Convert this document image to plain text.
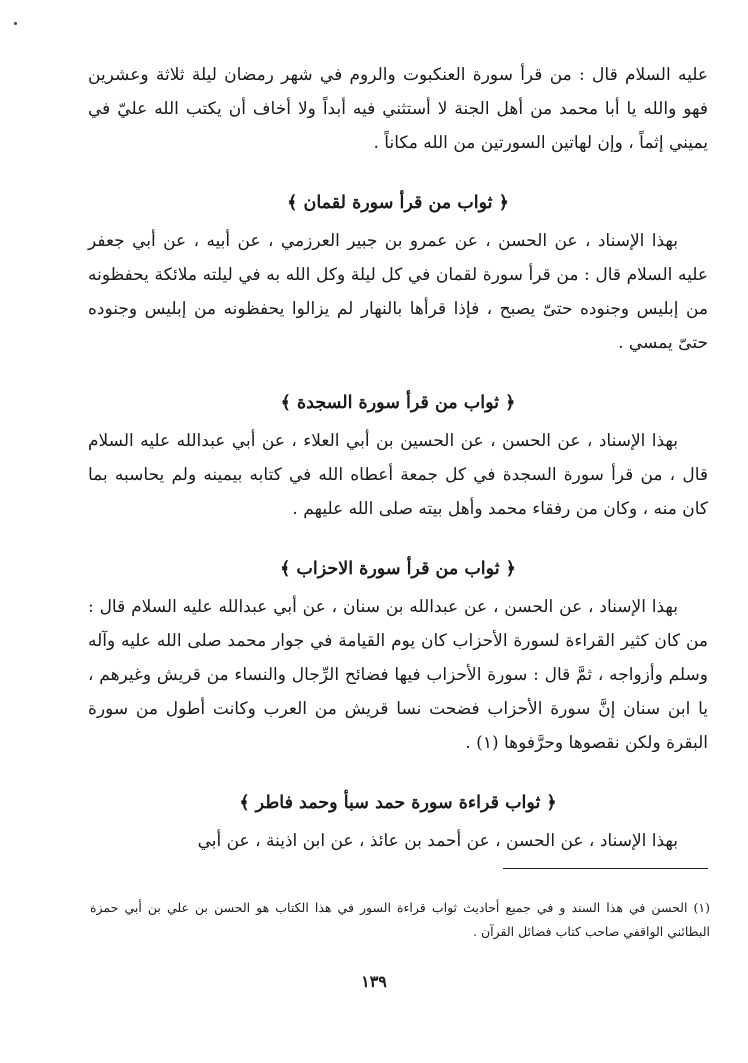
عليه السلام قال : من قرأ سورة العنكبوت والروم في شهر رمضان ليلة ثلاثة وعشرين فهو والله يا أبا محمد من أهل الجنة لا أستثني فيه أبداً ولا أخاف أن يكتب الله عليّ في يميني إثماً ، وإن لهاتين السورتين من الله مكاناً .

﴿ ثواب من قرأ سورة لقمان ﴾

بهذا الإسناد ، عن الحسن ، عن عمرو بن جبير العرزمي ، عن أبيه ، عن أبي جعفر عليه السلام قال : من قرأ سورة لقمان في كل ليلة وكل الله به في ليلته ملائكة يحفظونه من إبليس وجنوده حتىّ يصبح ، فإذا قرأها بالنهار لم يزالوا يحفظونه من إبليس وجنوده حتىّ يمسي .

﴿ ثواب من قرأ سورة السجدة ﴾

بهذا الإسناد ، عن الحسن ، عن الحسين بن أبي العلاء ، عن أبي عبدالله عليه السلام قال ، من قرأ سورة السجدة في كل جمعة أعطاه الله في كتابه بيمينه ولم يحاسبه بما كان منه ، وكان من رفقاء محمد وأهل بيته صلى الله عليهم .

﴿ ثواب من قرأ سورة الاحزاب ﴾

بهذا الإسناد ، عن الحسن ، عن عبدالله بن سنان ، عن أبي عبدالله عليه السلام قال : من كان كثير القراءة لسورة الأحزاب كان يوم القيامة في جوار محمد صلى الله عليه وآله وسلم وأزواجه ، ثمَّ قال : سورة الأحزاب فيها فضائح الرِّجال والنساء من قريش وغيرهم ، يا ابن سنان إنَّ سورة الأحزاب فضحت نسا قريش من العرب وكانت أطول من سورة البقرة ولكن نقصوها وحرَّفوها (١) .

﴿ ثواب قراءة سورة حمد سبأ وحمد فاطر ﴾

بهذا الإسناد ، عن الحسن ، عن أحمد بن عائذ ، عن ابن اذينة ، عن أبي

(١) الحسن في هذا السند و في جميع أحاديث ثواب قراءة السور في هذا الكتاب هو الحسن بن علي بن أبي حمزة البطائني الواقفي صاحب كتاب فضائل القرآن .
١٣٩
